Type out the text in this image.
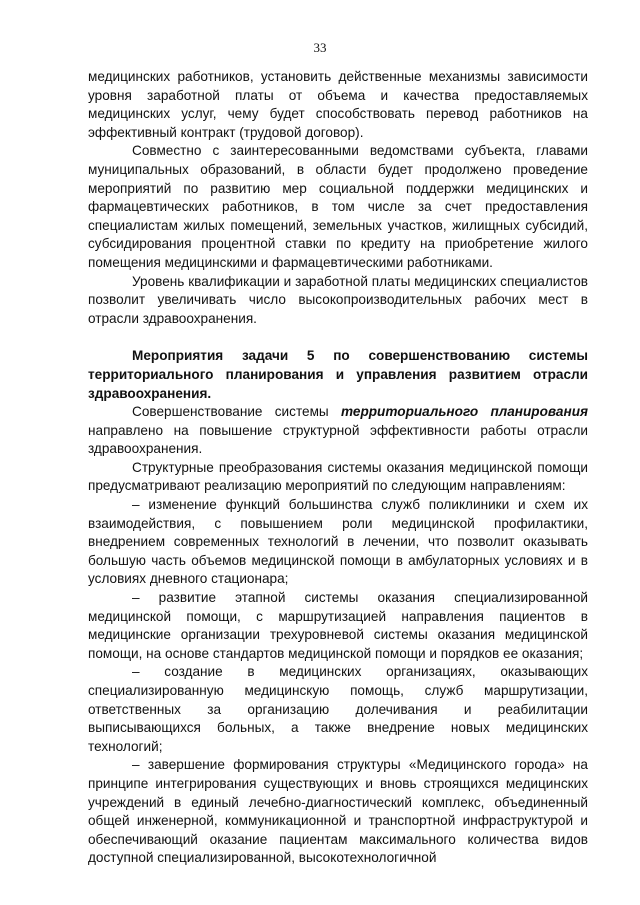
33

медицинских работников, установить действенные механизмы зависимости уровня заработной платы от объема и качества предоставляемых медицинских услуг, чему будет способствовать перевод работников на эффективный контракт (трудовой договор).

Совместно с заинтересованными ведомствами субъекта, главами муниципальных образований, в области будет продолжено проведение мероприятий по развитию мер социальной поддержки медицинских и фармацевтических работников, в том числе за счет предоставления специалистам жилых помещений, земельных участков, жилищных субсидий, субсидирования процентной ставки по кредиту на приобретение жилого помещения медицинскими и фармацевтическими работниками.

Уровень квалификации и заработной платы медицинских специалистов позволит увеличивать число высокопроизводительных рабочих мест в отрасли здравоохранения.

Мероприятия задачи 5 по совершенствованию системы территориального планирования и управления развитием отрасли здравоохранения.

Совершенствование системы территориального планирования направлено на повышение структурной эффективности работы отрасли здравоохранения.

Структурные преобразования системы оказания медицинской помощи предусматривают реализацию мероприятий по следующим направлениям:

– изменение функций большинства служб поликлиники и схем их взаимодействия, с повышением роли медицинской профилактики, внедрением современных технологий в лечении, что позволит оказывать большую часть объемов медицинской помощи в амбулаторных условиях и в условиях дневного стационара;

– развитие этапной системы оказания специализированной медицинской помощи, с маршрутизацией направления пациентов в медицинские организации трехуровневой системы оказания медицинской помощи, на основе стандартов медицинской помощи и порядков ее оказания;

– создание в медицинских организациях, оказывающих специализированную медицинскую помощь, служб маршрутизации, ответственных за организацию долечивания и реабилитации выписывающихся больных, а также внедрение новых медицинских технологий;

– завершение формирования структуры «Медицинского города» на принципе интегрирования существующих и вновь строящихся медицинских учреждений в единый лечебно-диагностический комплекс, объединенный общей инженерной, коммуникационной и транспортной инфраструктурой и обеспечивающий оказание пациентам максимального количества видов доступной специализированной, высокотехнологичной
